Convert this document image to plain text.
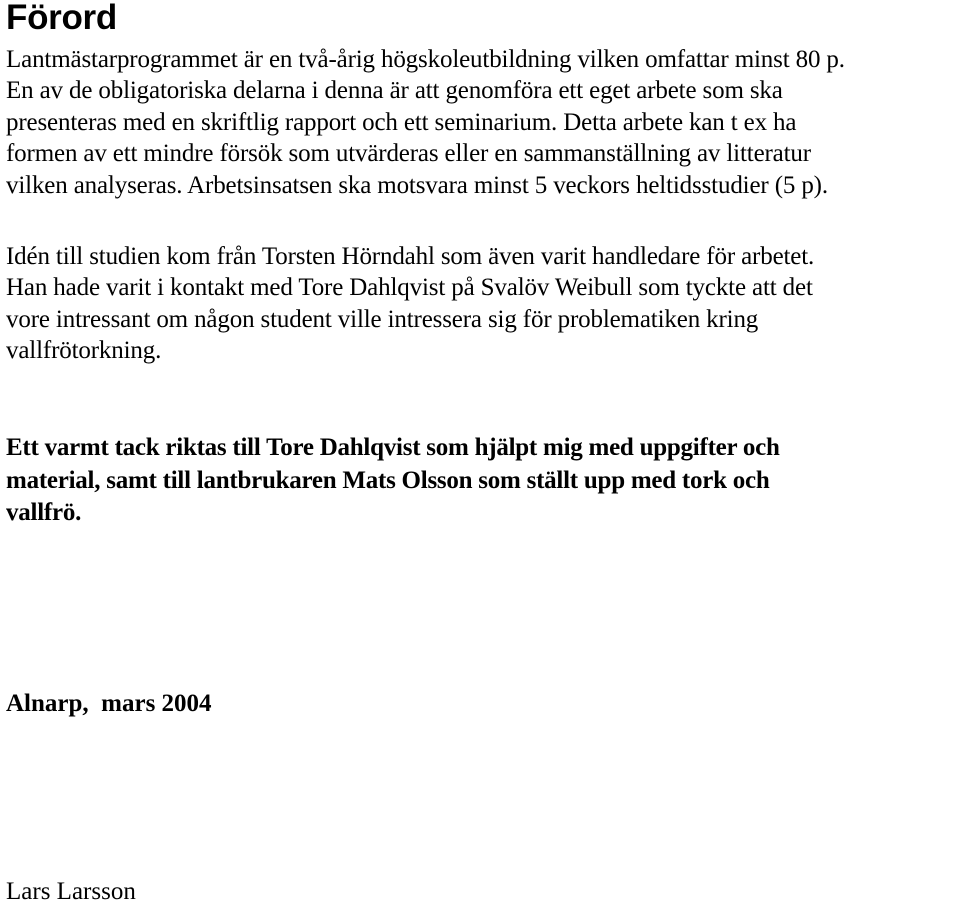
Förord

Lantmästarprogrammet är en två-årig högskoleutbildning vilken omfattar minst 80 p.
En av de obligatoriska delarna i denna är att genomföra ett eget arbete som ska
presenteras med en skriftlig rapport och ett seminarium. Detta arbete kan t ex ha
formen av ett mindre försök som utvärderas eller en sammanställning av litteratur
vilken analyseras. Arbetsinsatsen ska motsvara minst 5 veckors heltidsstudier (5 p).

Idén till studien kom från Torsten Hörndahl som även varit handledare för arbetet.
Han hade varit i kontakt med Tore Dahlqvist på Svalöv Weibull som tyckte att det
vore intressant om någon student ville intressera sig för problematiken kring
vallfrötorkning.

Ett varmt tack riktas till Tore Dahlqvist som hjälpt mig med uppgifter och
material, samt till lantbrukaren Mats Olsson som ställt upp med tork och
vallfrö.

Alnarp,  mars 2004

Lars Larsson
